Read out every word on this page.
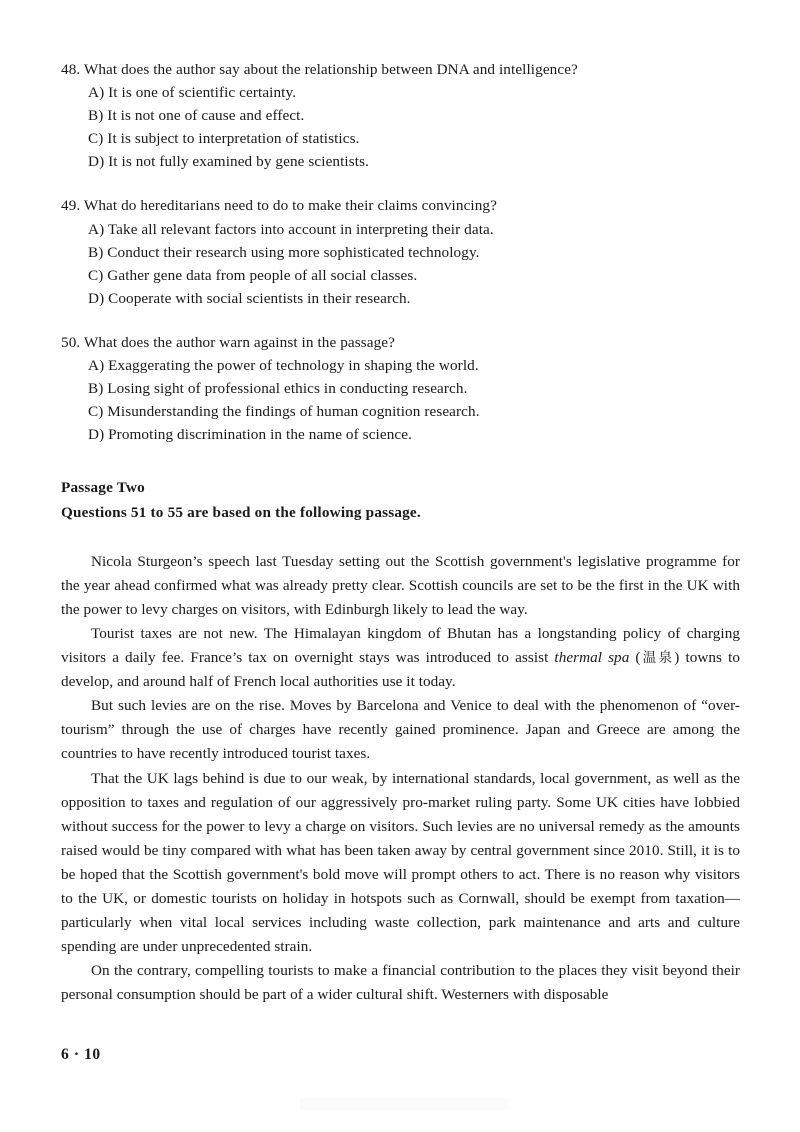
48. What does the author say about the relationship between DNA and intelligence?
A) It is one of scientific certainty.
B) It is not one of cause and effect.
C) It is subject to interpretation of statistics.
D) It is not fully examined by gene scientists.
49. What do hereditarians need to do to make their claims convincing?
A) Take all relevant factors into account in interpreting their data.
B) Conduct their research using more sophisticated technology.
C) Gather gene data from people of all social classes.
D) Cooperate with social scientists in their research.
50. What does the author warn against in the passage?
A) Exaggerating the power of technology in shaping the world.
B) Losing sight of professional ethics in conducting research.
C) Misunderstanding the findings of human cognition research.
D) Promoting discrimination in the name of science.
Passage Two
Questions 51 to 55 are based on the following passage.

Nicola Sturgeon’s speech last Tuesday setting out the Scottish government's legislative programme for the year ahead confirmed what was already pretty clear. Scottish councils are set to be the first in the UK with the power to levy charges on visitors, with Edinburgh likely to lead the way.

Tourist taxes are not new. The Himalayan kingdom of Bhutan has a longstanding policy of charging visitors a daily fee. France’s tax on overnight stays was introduced to assist thermal spa (温泉) towns to develop, and around half of French local authorities use it today.

But such levies are on the rise. Moves by Barcelona and Venice to deal with the phenomenon of “over-tourism” through the use of charges have recently gained prominence. Japan and Greece are among the countries to have recently introduced tourist taxes.

That the UK lags behind is due to our weak, by international standards, local government, as well as the opposition to taxes and regulation of our aggressively pro-market ruling party. Some UK cities have lobbied without success for the power to levy a charge on visitors. Such levies are no universal remedy as the amounts raised would be tiny compared with what has been taken away by central government since 2010. Still, it is to be hoped that the Scottish government's bold move will prompt others to act. There is no reason why visitors to the UK, or domestic tourists on holiday in hotspots such as Cornwall, should be exempt from taxation—particularly when vital local services including waste collection, park maintenance and arts and culture spending are under unprecedented strain.

On the contrary, compelling tourists to make a financial contribution to the places they visit beyond their personal consumption should be part of a wider cultural shift. Westerners with disposable

6 · 10
